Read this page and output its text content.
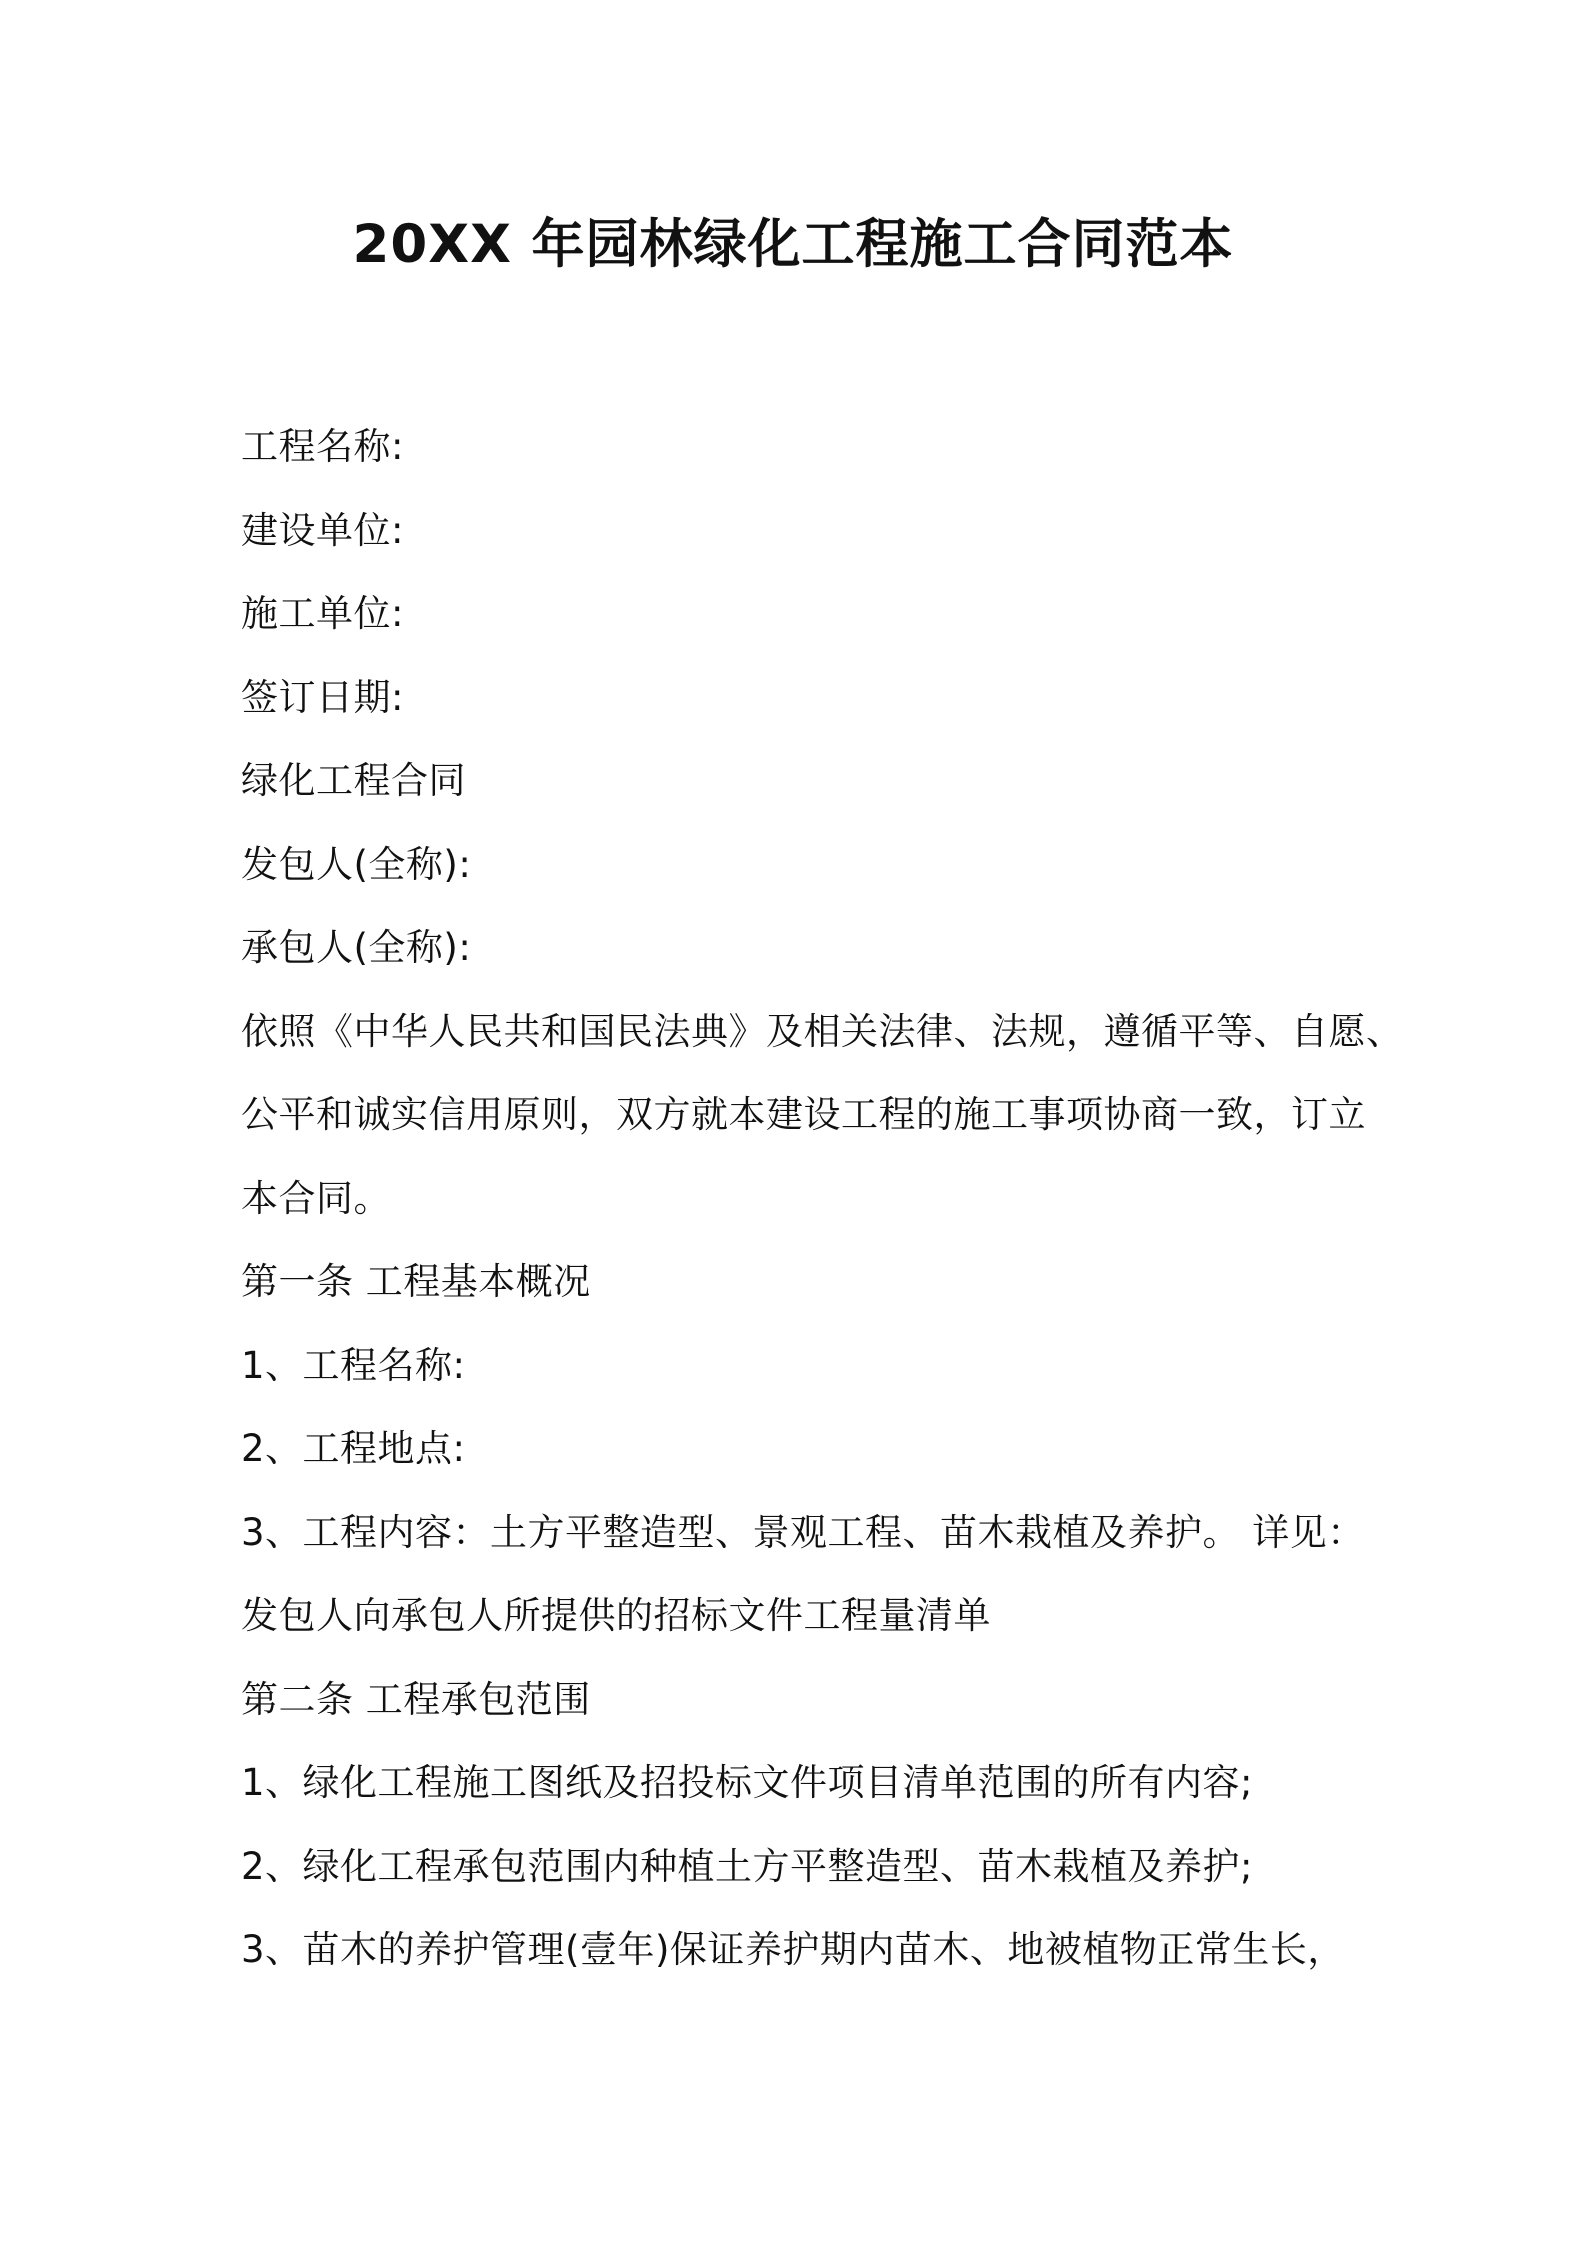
20XX 年园林绿化工程施工合同范本
工程名称:
建设单位:
施工单位:
签订日期:
绿化工程合同
发包人(全称):
承包人(全称):
依照《中华人民共和国民法典》及相关法律、法规，遵循平等、自愿、
公平和诚实信用原则，双方就本建设工程的施工事项协商一致，订立
本合同。
第一条 工程基本概况
1、工程名称:
2、工程地点:
3、工程内容：土方平整造型、景观工程、苗木栽植及养护。 详见：
发包人向承包人所提供的招标文件工程量清单
第二条 工程承包范围
1、绿化工程施工图纸及招投标文件项目清单范围的所有内容;
2、绿化工程承包范围内种植土方平整造型、苗木栽植及养护;
3、苗木的养护管理(壹年)保证养护期内苗木、地被植物正常生长，
